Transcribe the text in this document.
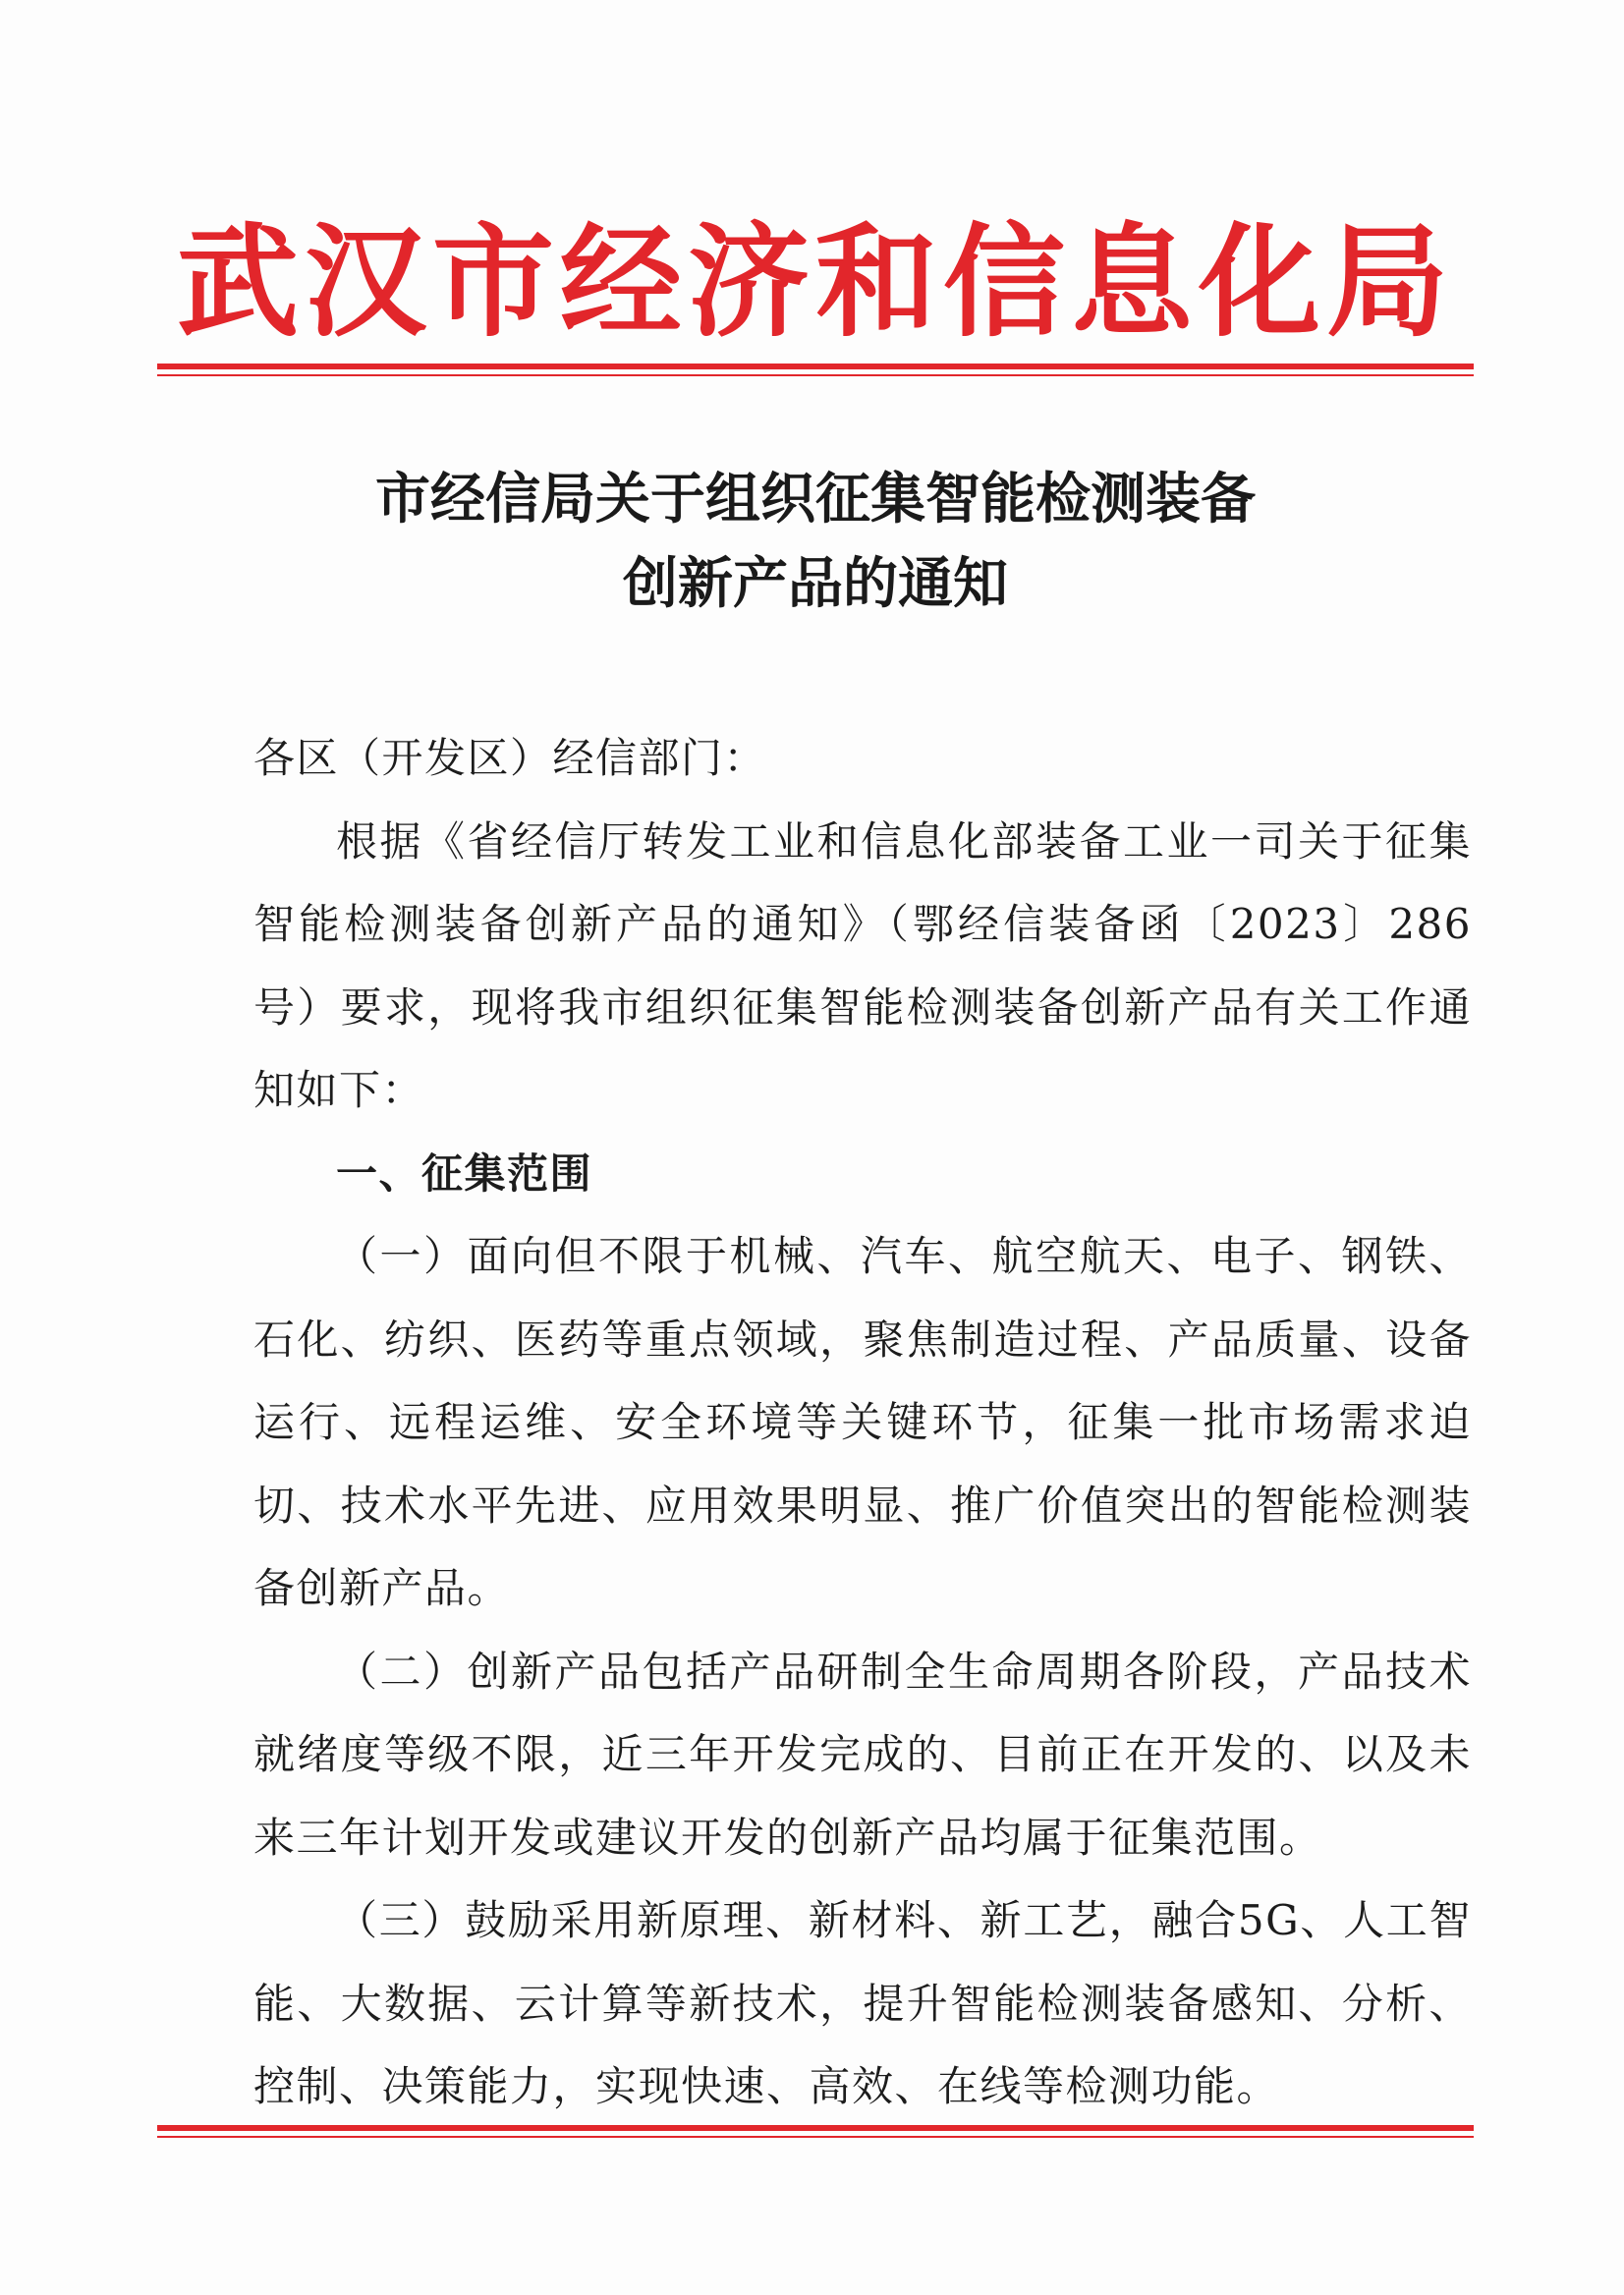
武汉市经济和信息化局
市经信局关于组织征集智能检测装备
创新产品的通知

各区（开发区）经信部门：

根据《省经信厅转发工业和信息化部装备工业一司关于征集智能检测装备创新产品的通知》（鄂经信装备函〔2023〕286号）要求，现将我市组织征集智能检测装备创新产品有关工作通知如下：

一、征集范围

（一）面向但不限于机械、汽车、航空航天、电子、钢铁、石化、纺织、医药等重点领域，聚焦制造过程、产品质量、设备运行、远程运维、安全环境等关键环节，征集一批市场需求迫切、技术水平先进、应用效果明显、推广价值突出的智能检测装备创新产品。

（二）创新产品包括产品研制全生命周期各阶段，产品技术就绪度等级不限，近三年开发完成的、目前正在开发的、以及未来三年计划开发或建议开发的创新产品均属于征集范围。

（三）鼓励采用新原理、新材料、新工艺，融合5G、人工智能、大数据、云计算等新技术，提升智能检测装备感知、分析、控制、决策能力，实现快速、高效、在线等检测功能。
